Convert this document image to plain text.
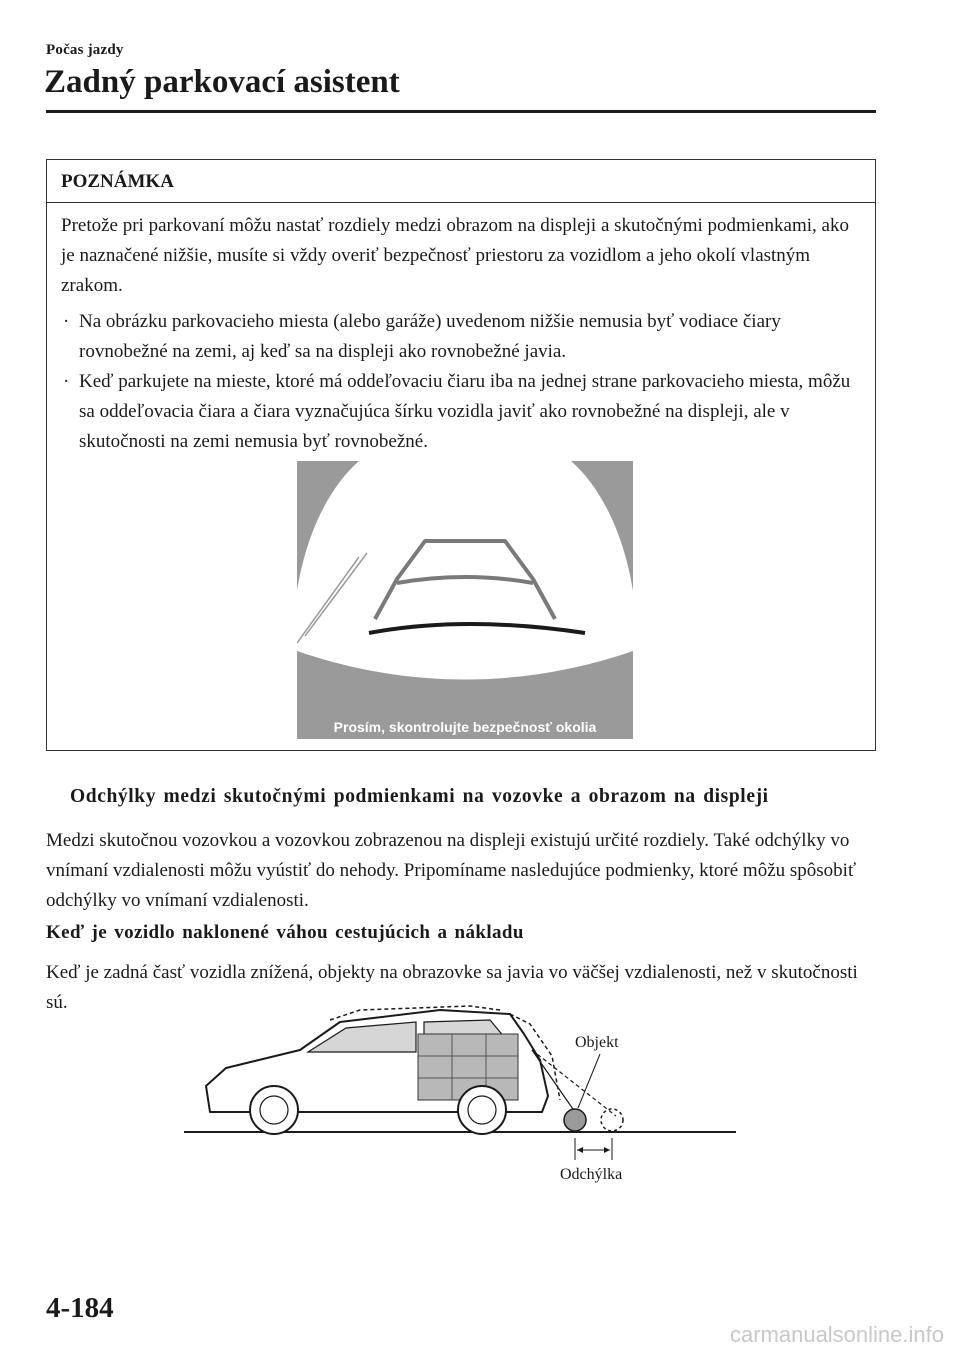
Počas jazdy
Zadný parkovací asistent
POZNÁMKA

Pretože pri parkovaní môžu nastať rozdiely medzi obrazom na displeji a skutočnými podmienkami, ako je naznačené nižšie, musíte si vždy overiť bezpečnosť priestoru za vozidlom a jeho okolí vlastným zrakom.

· Na obrázku parkovacieho miesta (alebo garáže) uvedenom nižšie nemusia byť vodiace čiary rovnobežné na zemi, aj keď sa na displeji ako rovnobežné javia.
· Keď parkujete na mieste, ktoré má oddeľovaciu čiaru iba na jednej strane parkovacieho miesta, môžu sa oddeľovacia čiara a čiara vyznačujúca šírku vozidla javiť ako rovnobežné na displeji, ale v skutočnosti na zemi nemusia byť rovnobežné.
Prosím, skontrolujte bezpečnosť okolia
Odchýlky medzi skutočnými podmienkami na vozovke a obrazom na displeji

Medzi skutočnou vozovkou a vozovkou zobrazenou na displeji existujú určité rozdiely. Také odchýlky vo vnímaní vzdialenosti môžu vyústiť do nehody. Pripomíname nasledujúce podmienky, ktoré môžu spôsobiť odchýlky vo vnímaní vzdialenosti.

Keď je vozidlo naklonené váhou cestujúcich a nákladu

Keď je zadná časť vozidla znížená, objekty na obrazovke sa javia vo väčšej vzdialenosti, než v skutočnosti sú.

Objekt
Odchýlka
4-184
carmanualsonline.info
